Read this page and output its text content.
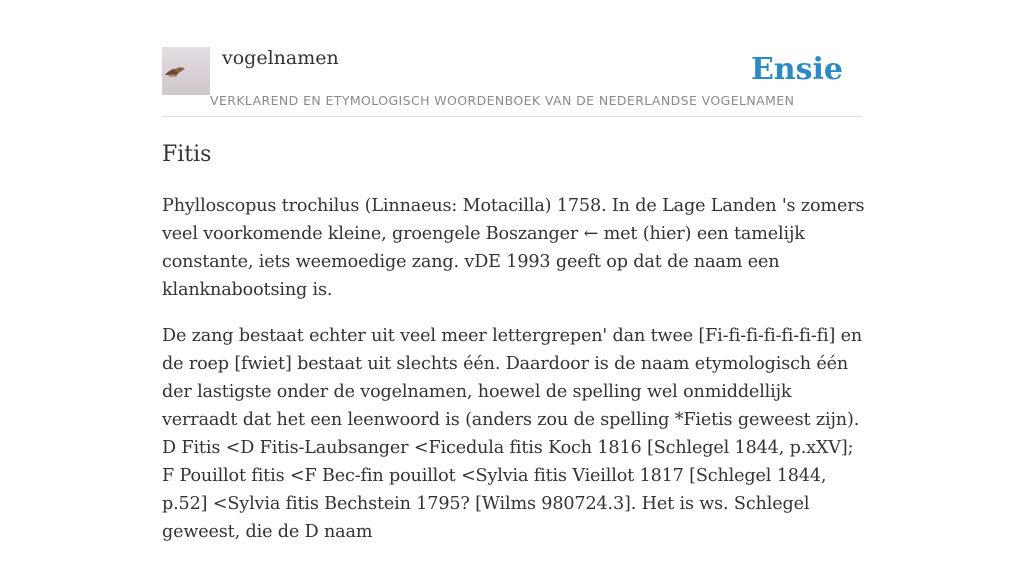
vogelnamen	Ensie
VERKLAREND EN ETYMOLOGISCH WOORDENBOEK VAN DE NEDERLANDSE VOGELNAMEN
Fitis

Phylloscopus trochilus (Linnaeus: Motacilla) 1758. In de Lage Landen 's zomers veel voorkomende kleine, groengele Boszanger ← met (hier) een tamelijk constante, iets weemoedige zang. vDE 1993 geeft op dat de naam een klanknabootsing is.

De zang bestaat echter uit veel meer lettergrepen' dan twee [Fi-fi-fi-fi-fi-fi-fi] en de roep [fwiet] bestaat uit slechts één. Daardoor is de naam etymologisch één der lastigste onder de vogelnamen, hoewel de spelling wel onmiddellijk verraadt dat het een leenwoord is (anders zou de spelling *Fietis geweest zijn). D Fitis <D Fitis-Laubsanger <Ficedula fitis Koch 1816 [Schlegel 1844, p.xXV]; F Pouillot fitis <F Bec-fin pouillot <Sylvia fitis Vieillot 1817 [Schlegel 1844, p.52] <Sylvia fitis Bechstein 1795? [Wilms 980724.3]. Het is ws. Schlegel geweest, die de D naam
